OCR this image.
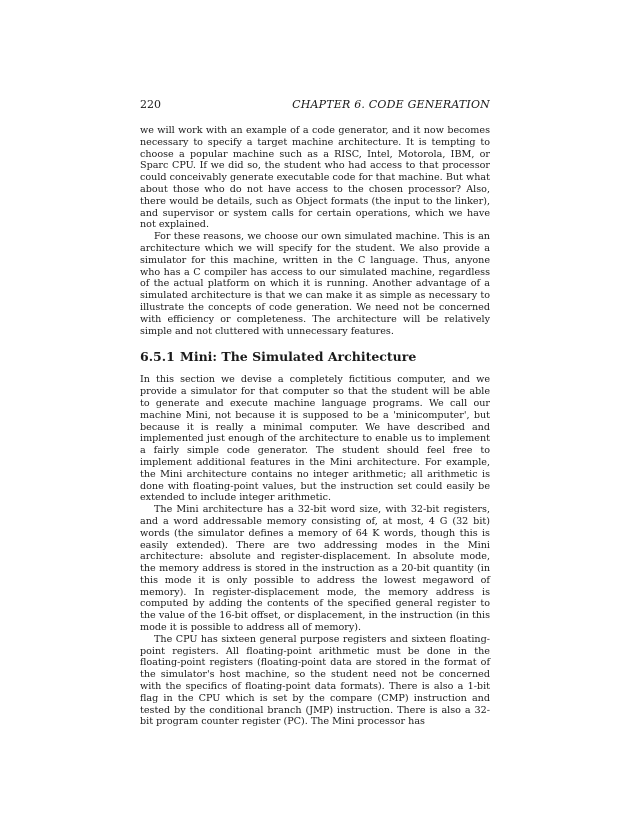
220	CHAPTER 6. CODE GENERATION

we will work with an example of a code generator, and it now becomes necessary to specify a target machine architecture. It is tempting to choose a popular machine such as a RISC, Intel, Motorola, IBM, or Sparc CPU. If we did so, the student who had access to that processor could conceivably generate executable code for that machine. But what about those who do not have access to the chosen processor? Also, there would be details, such as Object formats (the input to the linker), and supervisor or system calls for certain operations, which we have not explained.

For these reasons, we choose our own simulated machine. This is an architecture which we will specify for the student. We also provide a simulator for this machine, written in the C language. Thus, anyone who has a C compiler has access to our simulated machine, regardless of the actual platform on which it is running. Another advantage of a simulated architecture is that we can make it as simple as necessary to illustrate the concepts of code generation. We need not be concerned with efficiency or completeness. The architecture will be relatively simple and not cluttered with unnecessary features.

6.5.1 Mini: The Simulated Architecture

In this section we devise a completely fictitious computer, and we provide a simulator for that computer so that the student will be able to generate and execute machine language programs. We call our machine Mini, not because it is supposed to be a 'minicomputer', but because it is really a minimal computer. We have described and implemented just enough of the architecture to enable us to implement a fairly simple code generator. The student should feel free to implement additional features in the Mini architecture. For example, the Mini architecture contains no integer arithmetic; all arithmetic is done with floating-point values, but the instruction set could easily be extended to include integer arithmetic.

The Mini architecture has a 32-bit word size, with 32-bit registers, and a word addressable memory consisting of, at most, 4 G (32 bit) words (the simulator defines a memory of 64 K words, though this is easily extended). There are two addressing modes in the Mini architecture: absolute and register-displacement. In absolute mode, the memory address is stored in the instruction as a 20-bit quantity (in this mode it is only possible to address the lowest megaword of memory). In register-displacement mode, the memory address is computed by adding the contents of the specified general register to the value of the 16-bit offset, or displacement, in the instruction (in this mode it is possible to address all of memory).

The CPU has sixteen general purpose registers and sixteen floating-point registers. All floating-point arithmetic must be done in the floating-point registers (floating-point data are stored in the format of the simulator's host machine, so the student need not be concerned with the specifics of floating-point data formats). There is also a 1-bit flag in the CPU which is set by the compare (CMP) instruction and tested by the conditional branch (JMP) instruction. There is also a 32-bit program counter register (PC). The Mini processor has
